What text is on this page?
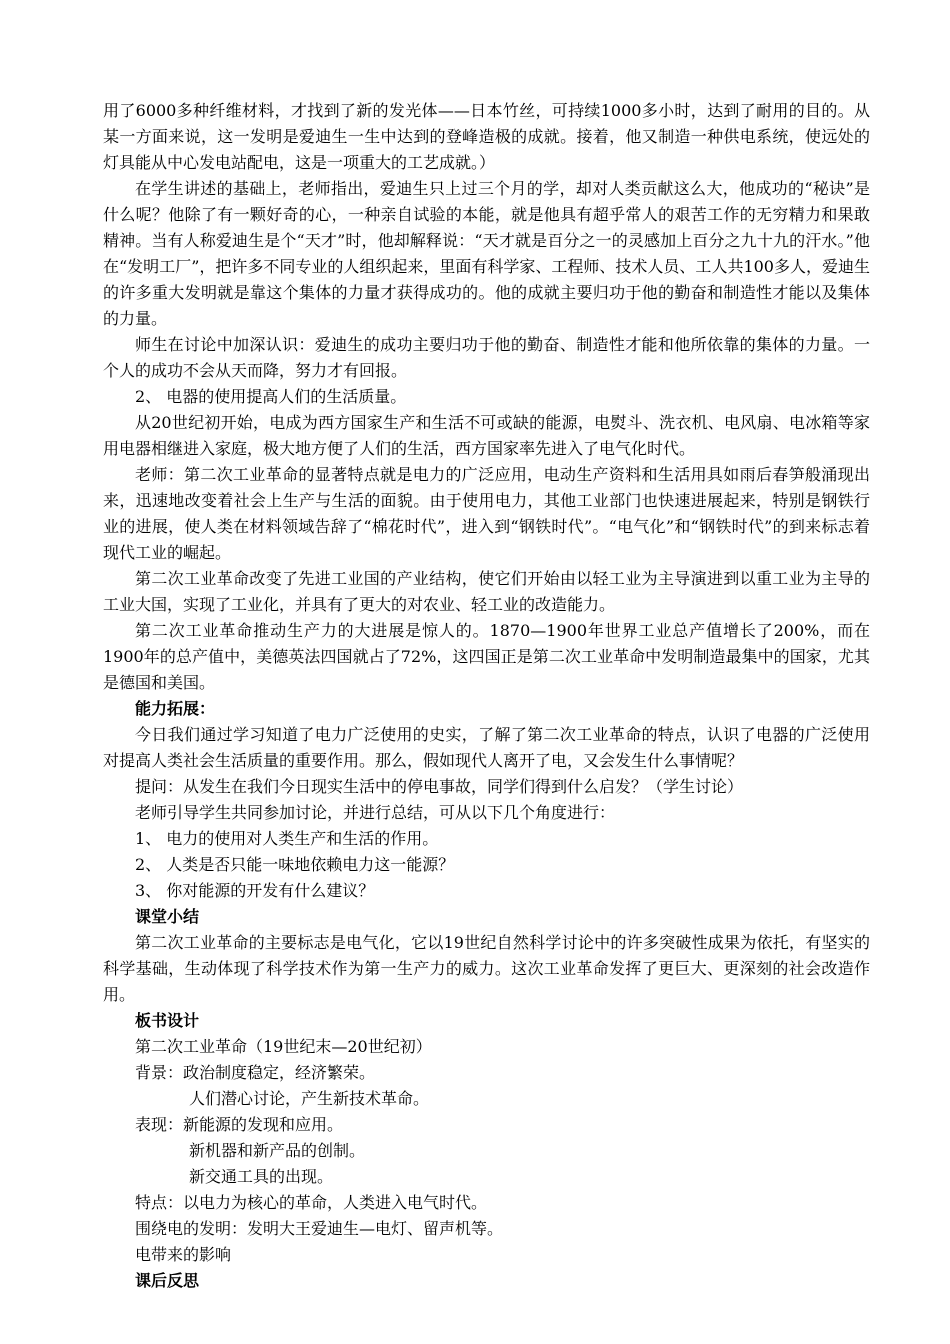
用了6000多种纤维材料，才找到了新的发光体——日本竹丝，可持续1000多小时，达到了耐用的目的。从某一方面来说，这一发明是爱迪生一生中达到的登峰造极的成就。接着，他又制造一种供电系统，使远处的灯具能从中心发电站配电，这是一项重大的工艺成就。）

在学生讲述的基础上，老师指出，爱迪生只上过三个月的学，却对人类贡献这么大，他成功的“秘诀”是什么呢？他除了有一颗好奇的心，一种亲自试验的本能，就是他具有超乎常人的艰苦工作的无穷精力和果敢精神。当有人称爱迪生是个“天才”时，他却解释说：“天才就是百分之一的灵感加上百分之九十九的汗水。”他在“发明工厂”，把许多不同专业的人组织起来，里面有科学家、工程师、技术人员、工人共100多人，爱迪生的许多重大发明就是靠这个集体的力量才获得成功的。他的成就主要归功于他的勤奋和制造性才能以及集体的力量。

师生在讨论中加深认识：爱迪生的成功主要归功于他的勤奋、制造性才能和他所依靠的集体的力量。一个人的成功不会从天而降，努力才有回报。

2、 电器的使用提高人们的生活质量。

从20世纪初开始，电成为西方国家生产和生活不可或缺的能源，电熨斗、洗衣机、电风扇、电冰箱等家用电器相继进入家庭，极大地方便了人们的生活，西方国家率先进入了电气化时代。

老师：第二次工业革命的显著特点就是电力的广泛应用，电动生产资料和生活用具如雨后春笋般涌现出来，迅速地改变着社会上生产与生活的面貌。由于使用电力，其他工业部门也快速进展起来，特别是钢铁行业的进展，使人类在材料领域告辞了“棉花时代”，进入到“钢铁时代”。“电气化”和“钢铁时代”的到来标志着现代工业的崛起。

第二次工业革命改变了先进工业国的产业结构，使它们开始由以轻工业为主导演进到以重工业为主导的工业大国，实现了工业化，并具有了更大的对农业、轻工业的改造能力。

第二次工业革命推动生产力的大进展是惊人的。1870—1900年世界工业总产值增长了200%，而在1900年的总产值中，美德英法四国就占了72%，这四国正是第二次工业革命中发明制造最集中的国家，尤其是德国和美国。

能力拓展：

今日我们通过学习知道了电力广泛使用的史实，了解了第二次工业革命的特点，认识了电器的广泛使用对提高人类社会生活质量的重要作用。那么，假如现代人离开了电，又会发生什么事情呢？

提问：从发生在我们今日现实生活中的停电事故，同学们得到什么启发？（学生讨论）

老师引导学生共同参加讨论，并进行总结，可从以下几个角度进行：

1、 电力的使用对人类生产和生活的作用。

2、 人类是否只能一味地依赖电力这一能源？

3、 你对能源的开发有什么建议？

课堂小结

第二次工业革命的主要标志是电气化，它以19世纪自然科学讨论中的许多突破性成果为依托，有坚实的科学基础，生动体现了科学技术作为第一生产力的威力。这次工业革命发挥了更巨大、更深刻的社会改造作用。

板书设计

第二次工业革命（19世纪末—20世纪初）

背景：政治制度稳定，经济繁荣。

人们潜心讨论，产生新技术革命。

表现：新能源的发现和应用。

新机器和新产品的创制。

新交通工具的出现。

特点：以电力为核心的革命，人类进入电气时代。

围绕电的发明：发明大王爱迪生—电灯、留声机等。

电带来的影响

课后反思
